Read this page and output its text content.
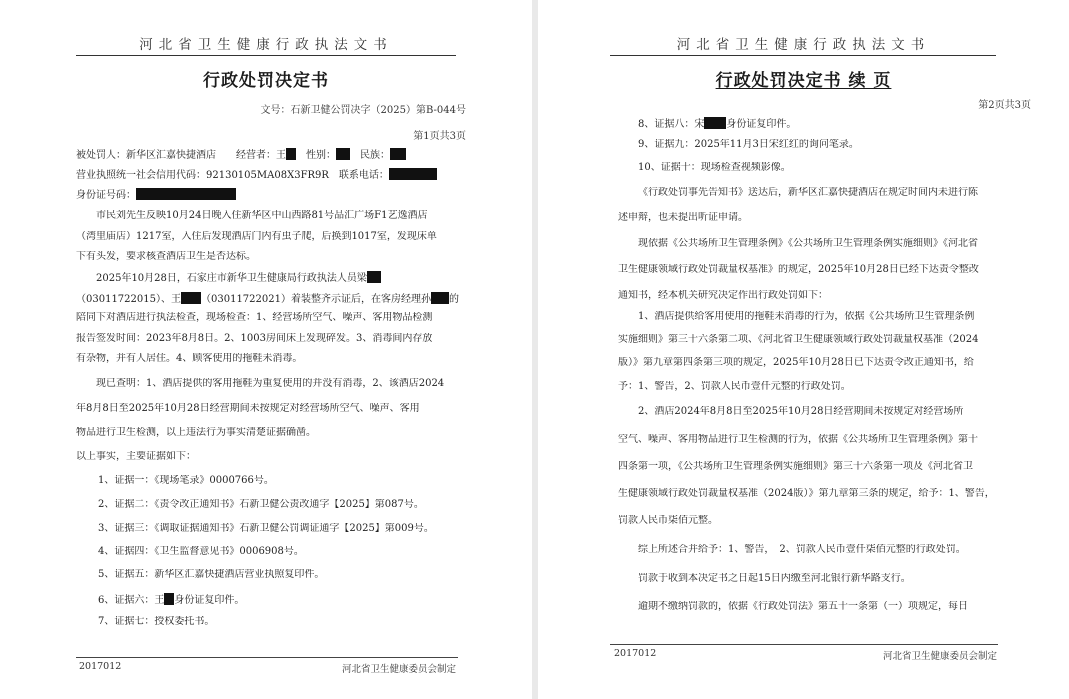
河北省卫生健康行政执法文书
行政处罚决定书
文号：石新卫健公罚决字（2025）第B-044号
第1页共3页
被处罚人：新华区汇嘉快捷酒店　　经营者：王　性别：　民族：
营业执照统一社会信用代码：92130105MA08X3FR9R　联系电话：
身份证号码：
市民刘先生反映10月24日晚入住新华区中山西路81号品汇广场F1艺逸酒店
（湾里庙店）1217室，入住后发现酒店门内有虫子爬，后换到1017室，发现床单
下有头发，要求核查酒店卫生是否达标。
2025年10月28日，石家庄市新华卫生健康局行政执法人员梁
（03011722015）、王 （03011722021）着装整齐示证后，在客房经理孙 的
陪同下对酒店进行执法检查，现场检查：1、经营场所空气、噪声、客用物品检测
报告签发时间：2023年8月8日。2、1003房间床上发现碎发。3、消毒间内存放
有杂物，并有人居住。4、顾客使用的拖鞋未消毒。
现已查明：1、酒店提供的客用拖鞋为重复使用的并没有消毒，2、该酒店2024
年8月8日至2025年10月28日经营期间未按规定对经营场所空气、噪声、客用
物品进行卫生检测，以上违法行为事实清楚证据确凿。
以上事实，主要证据如下：
1、证据一：《现场笔录》0000766号。
2、证据二：《责令改正通知书》石新卫健公责改通字【2025】第087号。
3、证据三：《调取证据通知书》石新卫健公罚调证通字【2025】第009号。
4、证据四：《卫生监督意见书》0006908号。
5、证据五：新华区汇嘉快捷酒店营业执照复印件。
6、证据六：王 身份证复印件。
7、证据七：授权委托书。
2017012	河北省卫生健康委员会制定
河北省卫生健康行政执法文书
行政处罚决定书 续 页
第2页共3页
8、证据八：宋 身份证复印件。
9、证据九：2025年11月3日宋红红的询问笔录。
10、证据十：现场检查视频影像。
《行政处罚事先告知书》送达后，新华区汇嘉快捷酒店在规定时间内未进行陈
述申辩，也未提出听证申请。
现依据《公共场所卫生管理条例》《公共场所卫生管理条例实施细则》《河北省
卫生健康领域行政处罚裁量权基准》的规定，2025年10月28日已经下达责令整改
通知书，经本机关研究决定作出行政处罚如下：
1、酒店提供给客用使用的拖鞋未消毒的行为，依据《公共场所卫生管理条例
实施细则》第三十六条第二项、《河北省卫生健康领域行政处罚裁量权基准（2024
版）》第九章第四条第三项的规定，2025年10月28日已下达责令改正通知书，给
予：1、警告，2、罚款人民币壹仟元整的行政处罚。
2、酒店2024年8月8日至2025年10月28日经营期间未按规定对经营场所
空气、噪声、客用物品进行卫生检测的行为，依据《公共场所卫生管理条例》第十
四条第一项，《公共场所卫生管理条例实施细则》第三十六条第一项及《河北省卫
生健康领域行政处罚裁量权基准（2024版）》第九章第三条的规定，给予：1、警告，
罚款人民币柒佰元整。
综上所述合并给予：1、警告，　2、罚款人民币壹仟柒佰元整的行政处罚。
罚款于收到本决定书之日起15日内缴至河北银行新华路支行。
逾期不缴纳罚款的，依据《行政处罚法》第五十一条第（一）项规定，每日
2017012	河北省卫生健康委员会制定
